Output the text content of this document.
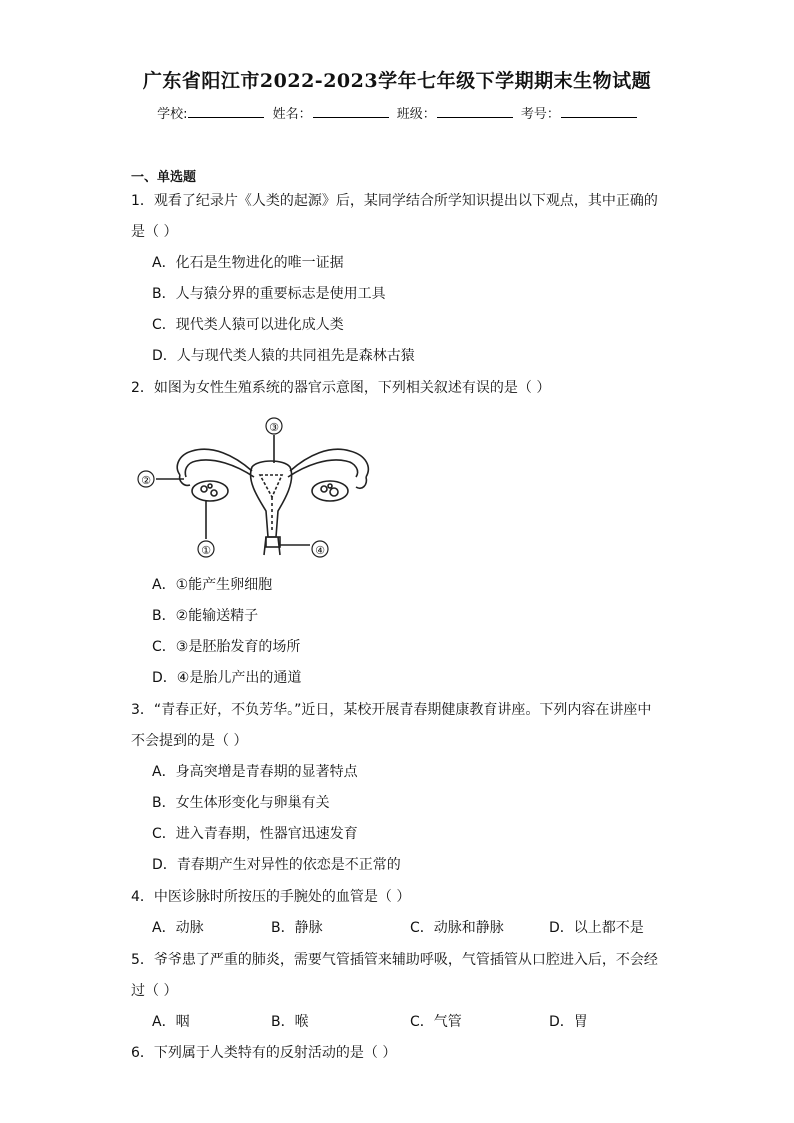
广东省阳江市2022-2023学年七年级下学期期末生物试题
学校:	姓名：	班级：	考号：
一、单选题
1．观看了纪录片《人类的起源》后，某同学结合所学知识提出以下观点，其中正确的
是（ ）
A．化石是生物进化的唯一证据
B．人与猿分界的重要标志是使用工具
C．现代类人猿可以进化成人类
D．人与现代类人猿的共同祖先是森林古猿
2．如图为女性生殖系统的器官示意图，下列相关叙述有误的是（ ）
③
②
①	④
A．①能产生卵细胞
B．②能输送精子
C．③是胚胎发育的场所
D．④是胎儿产出的通道
3．“青春正好，不负芳华。”近日，某校开展青春期健康教育讲座。下列内容在讲座中
不会提到的是（ ）
A．身高突增是青春期的显著特点
B．女生体形变化与卵巢有关
C．进入青春期，性器官迅速发育
D．青春期产生对异性的依恋是不正常的
4．中医诊脉时所按压的手腕处的血管是（ ）
A．动脉	B．静脉	C．动脉和静脉	D．以上都不是
5．爷爷患了严重的肺炎，需要气管插管来辅助呼吸，气管插管从口腔进入后，不会经
过（ ）
A．咽	B．喉	C．气管	D．胃
6．下列属于人类特有的反射活动的是（ ）
